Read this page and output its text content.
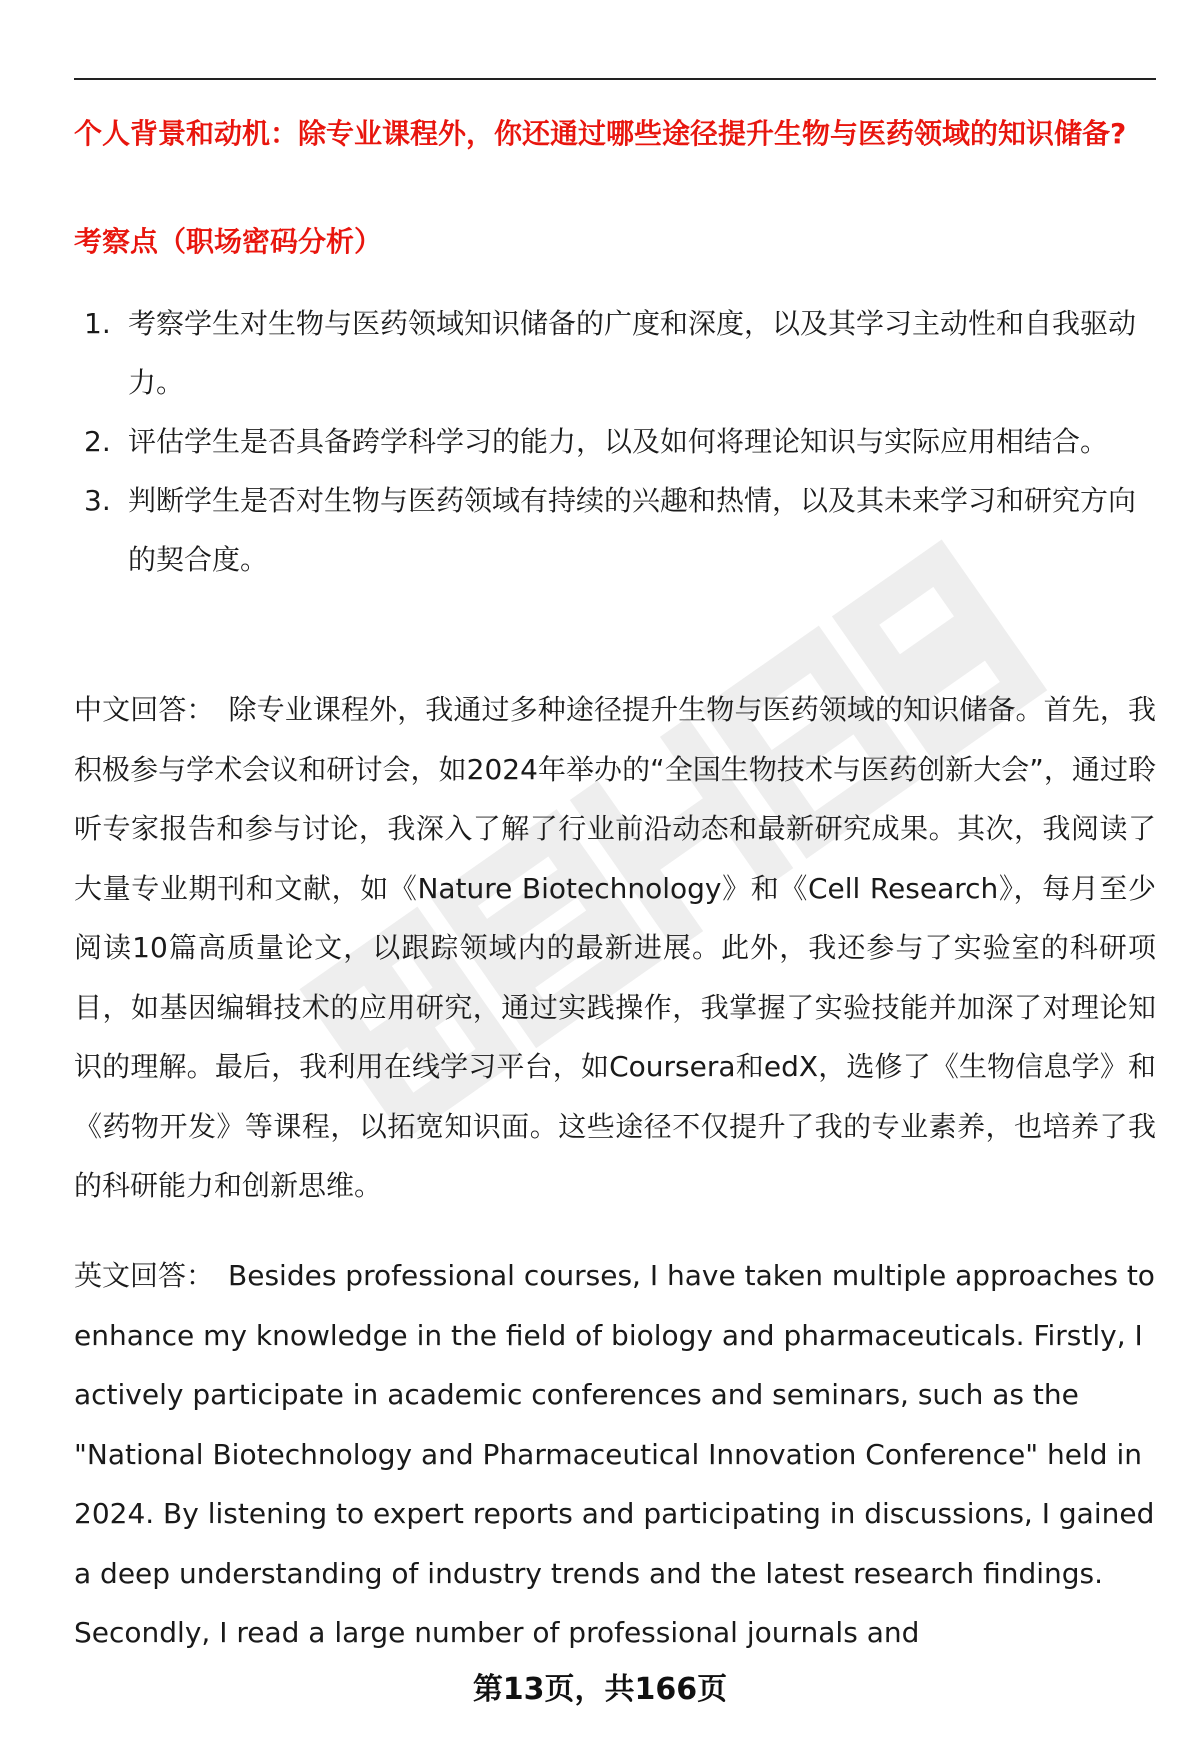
个人背景和动机：除专业课程外，你还通过哪些途径提升生物与医药领域的知识储备?
考察点（职场密码分析）
1. 考察学生对生物与医药领域知识储备的广度和深度，以及其学习主动性和自我驱动力。
2. 评估学生是否具备跨学科学习的能力，以及如何将理论知识与实际应用相结合。
3. 判断学生是否对生物与医药领域有持续的兴趣和热情，以及其未来学习和研究方向的契合度。

中文回答： 除专业课程外，我通过多种途径提升生物与医药领域的知识储备。首先，我积极参与学术会议和研讨会，如2024年举办的“全国生物技术与医药创新大会”，通过聆听专家报告和参与讨论，我深入了解了行业前沿动态和最新研究成果。其次，我阅读了大量专业期刊和文献，如《Nature Biotechnology》和《Cell Research》，每月至少阅读10篇高质量论文，以跟踪领域内的最新进展。此外，我还参与了实验室的科研项目，如基因编辑技术的应用研究，通过实践操作，我掌握了实验技能并加深了对理论知识的理解。最后，我利用在线学习平台，如Coursera和edX，选修了《生物信息学》和《药物开发》等课程，以拓宽知识面。这些途径不仅提升了我的专业素养，也培养了我的科研能力和创新思维。

英文回答： Besides professional courses, I have taken multiple approaches to enhance my knowledge in the field of biology and pharmaceuticals. Firstly, I actively participate in academic conferences and seminars, such as the "National Biotechnology and Pharmaceutical Innovation Conference" held in 2024. By listening to expert reports and participating in discussions, I gained a deep understanding of industry trends and the latest research findings. Secondly, I read a large number of professional journals and

第13页，共166页
